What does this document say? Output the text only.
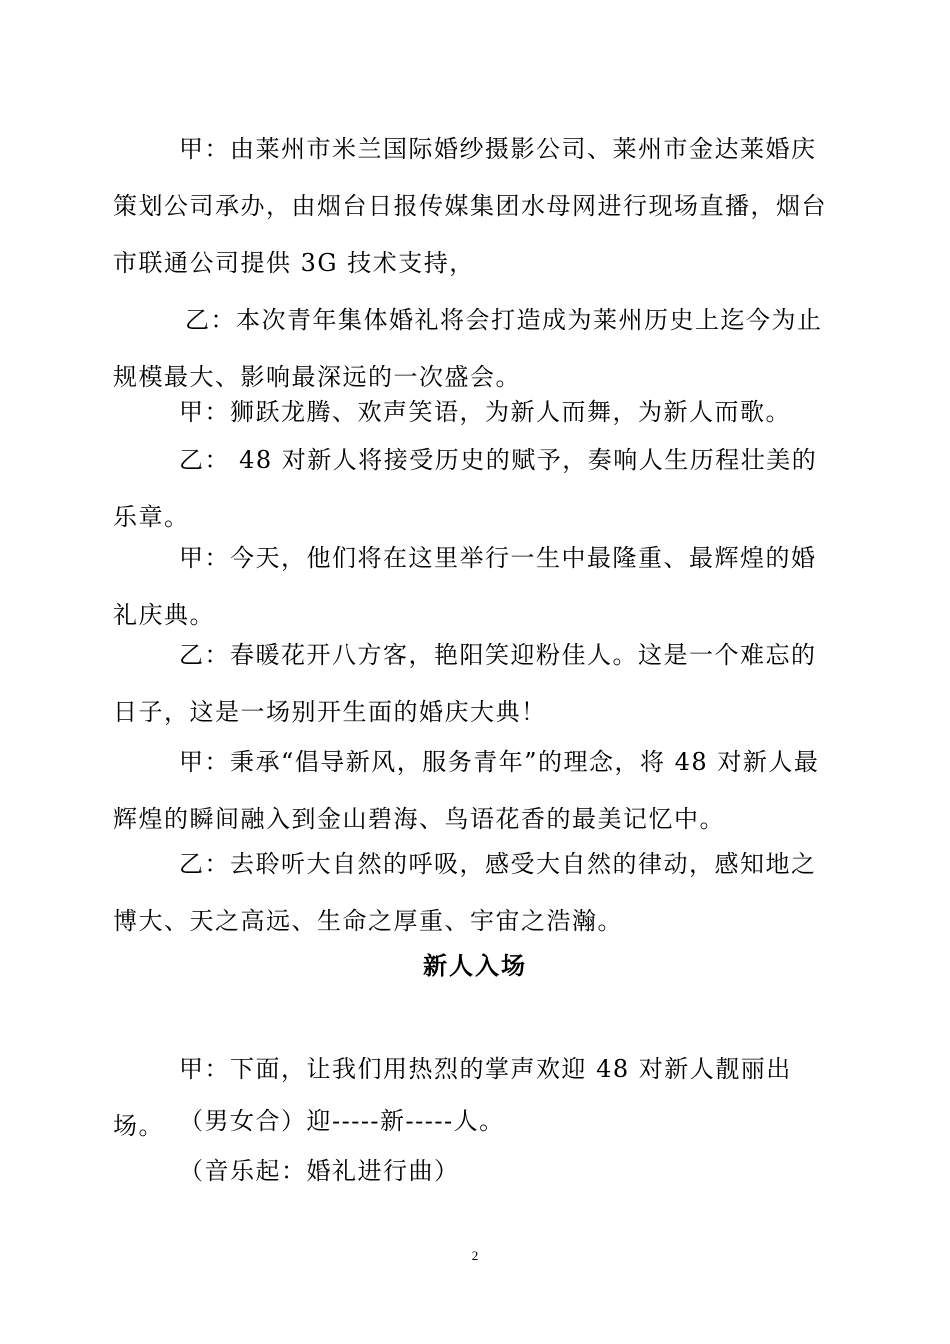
甲：由莱州市米兰国际婚纱摄影公司、莱州市金达莱婚庆策划公司承办，由烟台日报传媒集团水母网进行现场直播，烟台市联通公司提供 3G 技术支持，

乙：本次青年集体婚礼将会打造成为莱州历史上迄今为止规模最大、影响最深远的一次盛会。

甲：狮跃龙腾、欢声笑语，为新人而舞，为新人而歌。

乙： 48 对新人将接受历史的赋予，奏响人生历程壮美的乐章。

甲：今天，他们将在这里举行一生中最隆重、最辉煌的婚礼庆典。

乙：春暖花开八方客，艳阳笑迎粉佳人。这是一个难忘的日子，这是一场别开生面的婚庆大典！

甲：秉承“倡导新风，服务青年”的理念，将 48 对新人最辉煌的瞬间融入到金山碧海、鸟语花香的最美记忆中。

乙：去聆听大自然的呼吸，感受大自然的律动，感知地之博大、天之高远、生命之厚重、宇宙之浩瀚。

新人入场

甲：下面，让我们用热烈的掌声欢迎 48 对新人靓丽出场。 （男女合）迎-----新-----人。

（音乐起：婚礼进行曲）

2
